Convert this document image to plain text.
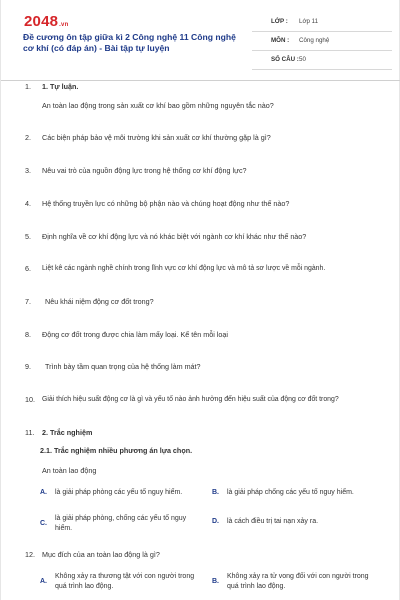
2048.vn
Đề cương ôn tập giữa kì 2 Công nghệ 11 Công nghệ cơ khí (có đáp án) - Bài tập tự luyện
LỚP : Lớp 11
MÔN : Công nghệ
SỐ CÂU : 50
1.	1. Tự luận.
An toàn lao động trong sản xuất cơ khí bao gồm những nguyên tắc nào?
2.	Các biện pháp bảo vệ môi trường khi sản xuất cơ khí thường gặp là gì?
3.	Nêu vai trò của nguồn động lực trong hệ thống cơ khí động lực?
4.	Hệ thống truyền lực có những bộ phận nào và chúng hoạt động như thế nào?
5.	Định nghĩa về cơ khí động lực và nó khác biệt với ngành cơ khí khác như thế nào?
6.	Liệt kê các ngành nghề chính trong lĩnh vực cơ khí động lực và mô tả sơ lược về mỗi ngành.
7.	Nêu khái niệm động cơ đốt trong?
8.	Động cơ đốt trong được chia làm mấy loại. Kể tên mỗi loại
9.	Trình bày tầm quan trọng của hệ thống làm mát?
10.	Giải thích hiệu suất động cơ là gì và yếu tố nào ảnh hưởng đến hiệu suất của động cơ đốt trong?
11.	2. Trắc nghiệm
2.1. Trắc nghiệm nhiều phương án lựa chọn.
An toàn lao động
A. là giải pháp phòng các yếu tố nguy hiểm.	B. là giải pháp chống các yếu tố nguy hiểm.
C.
là giải pháp phòng, chống các yếu tố nguy hiểm.
D. là cách điều trị tai nạn xảy ra.
12. Mục đích của an toàn lao động là gì?
A.
Không xảy ra thương tật với con người trong quá trình lao động.
B.
Không xảy ra tử vong đối với con người trong quá trình lao động.
